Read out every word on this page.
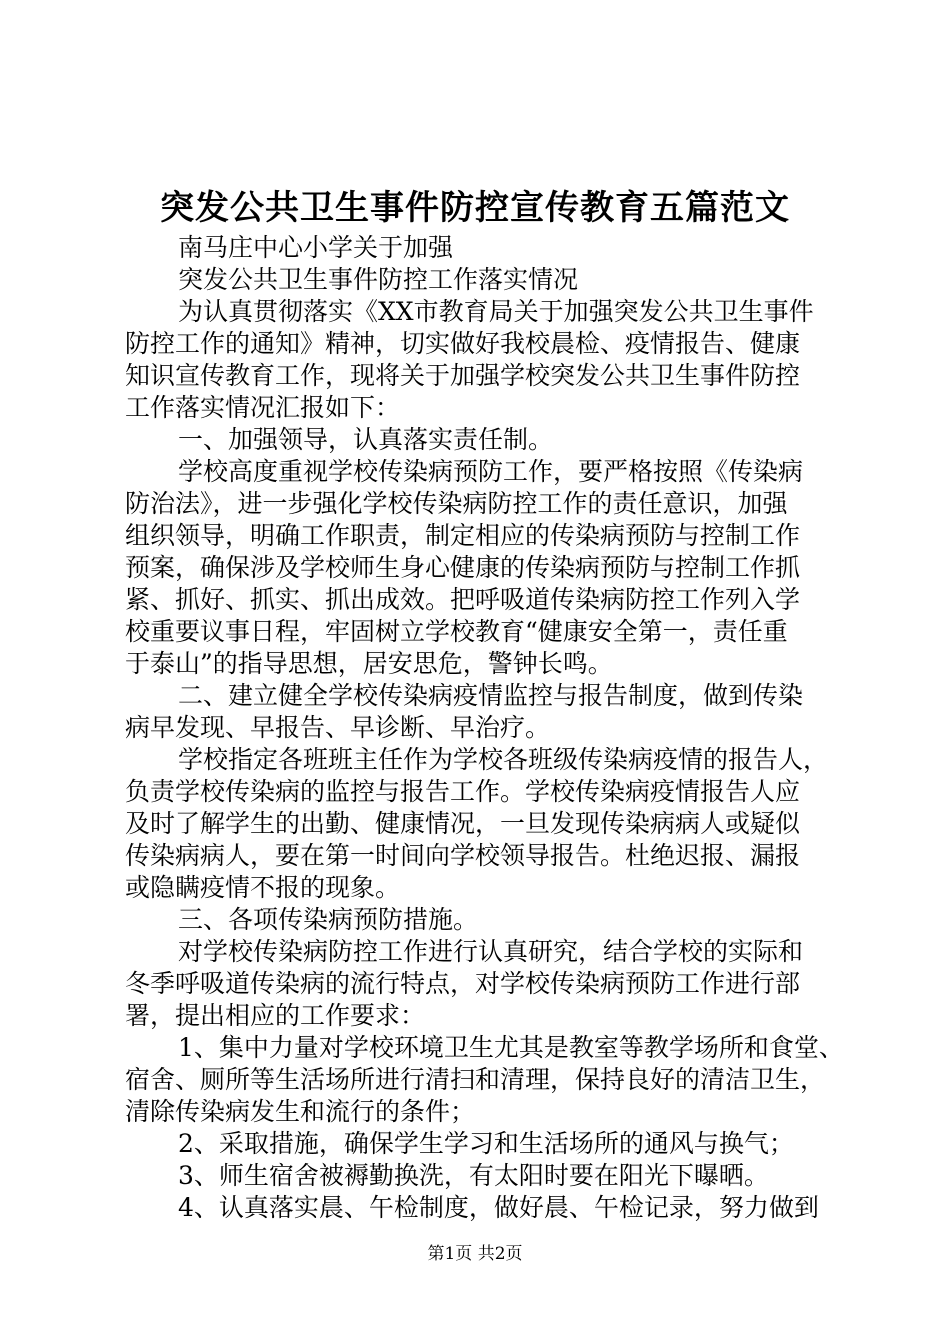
突发公共卫生事件防控宣传教育五篇范文
南马庄中心小学关于加强
突发公共卫生事件防控工作落实情况
为认真贯彻落实《XX市教育局关于加强突发公共卫生事件
防控工作的通知》精神，切实做好我校晨检、疫情报告、健康
知识宣传教育工作，现将关于加强学校突发公共卫生事件防控
工作落实情况汇报如下：
一、加强领导，认真落实责任制。
学校高度重视学校传染病预防工作，要严格按照《传染病
防治法》，进一步强化学校传染病防控工作的责任意识，加强
组织领导，明确工作职责，制定相应的传染病预防与控制工作
预案，确保涉及学校师生身心健康的传染病预防与控制工作抓
紧、抓好、抓实、抓出成效。把呼吸道传染病防控工作列入学
校重要议事日程，牢固树立学校教育“健康安全第一，责任重
于泰山”的指导思想，居安思危，警钟长鸣。
二、建立健全学校传染病疫情监控与报告制度，做到传染
病早发现、早报告、早诊断、早治疗。
学校指定各班班主任作为学校各班级传染病疫情的报告人，
负责学校传染病的监控与报告工作。学校传染病疫情报告人应
及时了解学生的出勤、健康情况，一旦发现传染病病人或疑似
传染病病人，要在第一时间向学校领导报告。杜绝迟报、漏报
或隐瞒疫情不报的现象。
三、各项传染病预防措施。
对学校传染病防控工作进行认真研究，结合学校的实际和
冬季呼吸道传染病的流行特点，对学校传染病预防工作进行部
署，提出相应的工作要求：
1、集中力量对学校环境卫生尤其是教室等教学场所和食堂、
宿舍、厕所等生活场所进行清扫和清理，保持良好的清洁卫生，
清除传染病发生和流行的条件；
2、采取措施，确保学生学习和生活场所的通风与换气；
3、师生宿舍被褥勤换洗，有太阳时要在阳光下曝晒。
4、认真落实晨、午检制度，做好晨、午检记录，努力做到
第1页 共2页
